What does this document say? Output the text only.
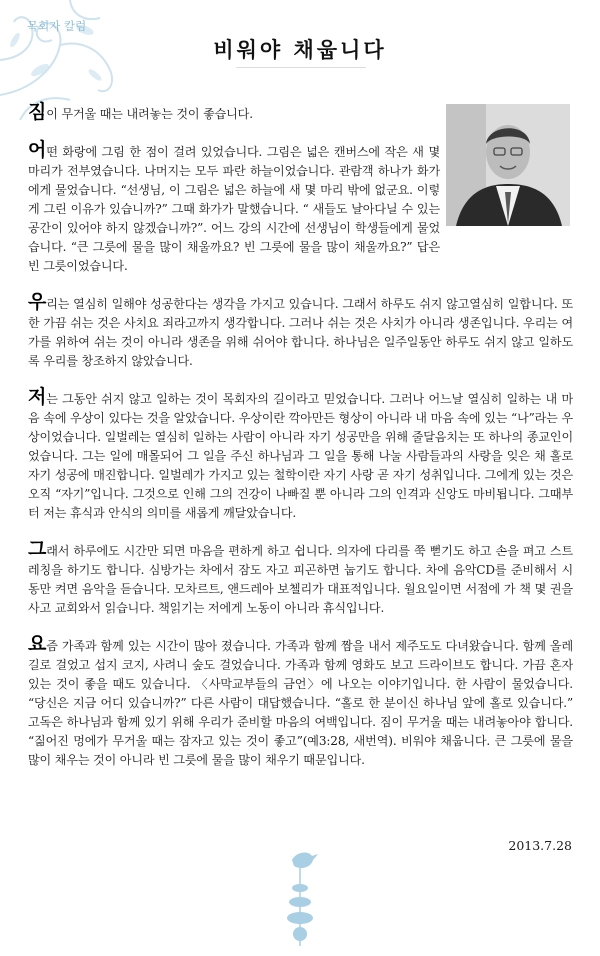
목회자 칼럼
비워야 채웁니다

짐이 무거울 때는 내려놓는 것이 좋습니다.

어떤 화랑에 그림 한 점이 걸려 있었습니다. 그림은 넓은 캔버스에 작은 새 몇 마리가 전부였습니다. 나머지는 모두 파란 하늘이었습니다. 관람객 하나가 화가에게 물었습니다. “선생님, 이 그림은 넓은 하늘에 새 몇 마리 밖에 없군요. 이렇게 그린 이유가 있습니까?” 그때 화가가 말했습니다. “ 새들도 날아다닐 수 있는 공간이 있어야 하지 않겠습니까?”. 어느 강의 시간에 선생님이 학생들에게 물었습니다. “큰 그릇에 물을 많이 채울까요? 빈 그릇에 물을 많이 채울까요?” 답은 빈 그릇이었습니다.

우리는 열심히 일해야 성공한다는 생각을 가지고 있습니다. 그래서 하루도 쉬지 않고열심히 일합니다. 또한 가끔 쉬는 것은 사치요 죄라고까지 생각합니다. 그러나 쉬는 것은 사치가 아니라 생존입니다. 우리는 여가를 위하여 쉬는 것이 아니라 생존을 위해 쉬어야 합니다. 하나님은 일주일동안 하루도 쉬지 않고 일하도록 우리를 창조하지 않았습니다.

저는 그동안 쉬지 않고 일하는 것이 목회자의 길이라고 믿었습니다. 그러나 어느날 열심히 일하는 내 마음 속에 우상이 있다는 것을 알았습니다. 우상이란 깍아만든 형상이 아니라 내 마음 속에 있는 “나”라는 우상이었습니다. 일벌레는 열심히 일하는 사람이 아니라 자기 성공만을 위해 줄달음치는 또 하나의 종교인이었습니다. 그는 일에 매몰되어 그 일을 주신 하나님과 그 일을 통해 나눌 사람들과의 사랑을 잊은 채 홀로 자기 성공에 매진합니다. 일벌레가 가지고 있는 철학이란 자기 사랑 곧 자기 성취입니다. 그에게 있는 것은 오직 “자기”입니다. 그것으로 인해 그의 건강이 나빠질 뿐 아니라 그의 인격과 신앙도 마비됩니다. 그때부터 저는 휴식과 안식의 의미를 새롭게 깨달았습니다.

그래서 하루에도 시간만 되면 마음을 편하게 하고 쉽니다. 의자에 다리를 쭉 뻗기도 하고 손을 펴고 스트레칭을 하기도 합니다. 심방가는 차에서 잠도 자고 피곤하면 눕기도 합니다. 차에 음악CD를 준비해서 시동만 켜면 음악을 듣습니다. 모차르트, 앤드레아 보첼리가 대표적입니다. 월요일이면 서점에 가 책 몇 권을 사고 교회와서 읽습니다. 책읽기는 저에게 노동이 아니라 휴식입니다.

요즘 가족과 함께 있는 시간이 많아 졌습니다. 가족과 함께 짬을 내서 제주도도 다녀왔습니다. 함께 올레길로 걸었고 섭지 코지, 사려니 숲도 걸었습니다. 가족과 함께 영화도 보고 드라이브도 합니다. 가끔 혼자 있는 것이 좋을 때도 있습니다. 〈사막교부들의 금언〉에 나오는 이야기입니다. 한 사람이 물었습니다. “당신은 지금 어디 있습니까?” 다른 사람이 대답했습니다. “홀로 한 분이신 하나님 앞에 홀로 있습니다.” 고독은 하나님과 함께 있기 위해 우리가 준비할 마음의 여백입니다. 짐이 무거울 때는 내려놓아야 합니다. “짊어진 멍에가 무거울 때는 잠자고 있는 것이 좋고”(예3:28, 새번역). 비워야 채웁니다. 큰 그릇에 물을 많이 채우는 것이 아니라 빈 그릇에 물을 많이 채우기 때문입니다.

2013.7.28
